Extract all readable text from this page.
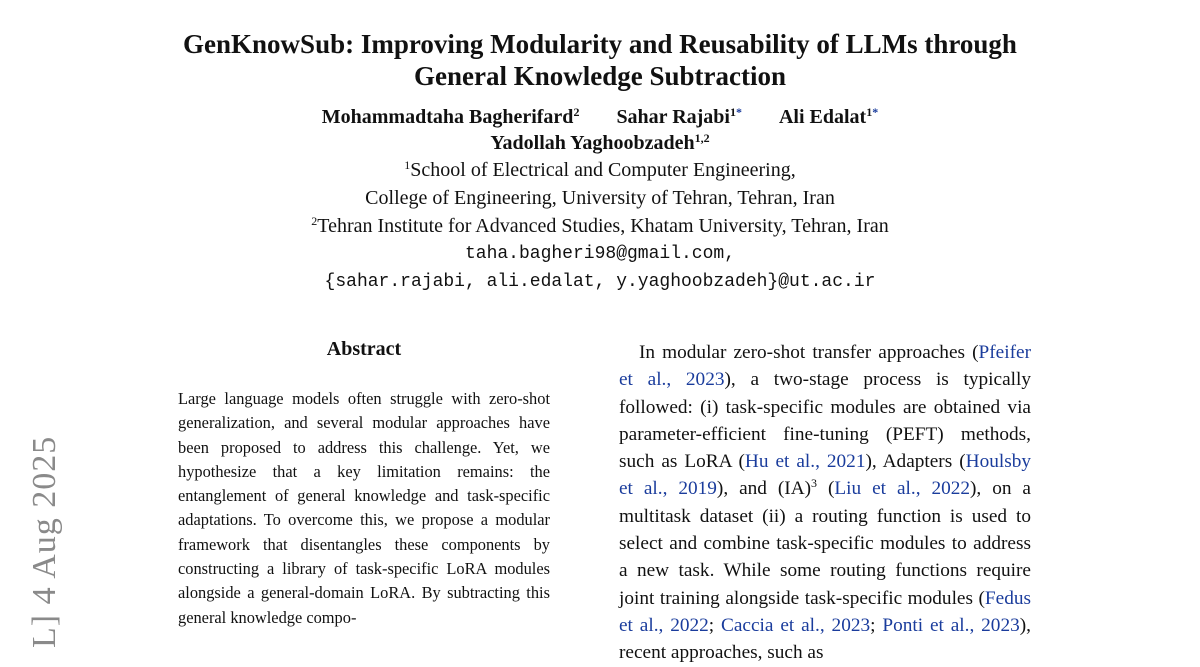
L] 4 Aug 2025
GenKnowSub: Improving Modularity and Reusability of LLMs through
General Knowledge Subtraction
Mohammadtaha Bagherifard$^2$ Sahar Rajabi$^{1*}$ Ali Edalat$^{1*}$
Yadollah Yaghoobzadeh$^{1,2}$
$^1$School of Electrical and Computer Engineering,
College of Engineering, University of Tehran, Tehran, Iran
$^2$Tehran Institute for Advanced Studies, Khatam University, Tehran, Iran
taha.bagheri98@gmail.com,
{sahar.rajabi, ali.edalat, y.yaghoobzadeh}@ut.ac.ir
Abstract
Large language models often struggle with zero-shot generalization, and several modular approaches have been proposed to address this challenge. Yet, we hypothesize that a key limitation remains: the entanglement of general knowledge and task-specific adaptations. To overcome this, we propose a modular framework that disentangles these components by constructing a library of task-specific LoRA modules alongside a general-domain LoRA. By subtracting this general knowledge compo-

In modular zero-shot transfer approaches (Pfeifer et al., 2023), a two-stage process is typically followed: (i) task-specific modules are obtained via parameter-efficient fine-tuning (PEFT) methods, such as LoRA (Hu et al., 2021), Adapters (Houlsby et al., 2019), and (IA)$^3$ (Liu et al., 2022), on a multitask dataset (ii) a routing function is used to select and combine task-specific modules to address a new task. While some routing functions require joint training alongside task-specific modules (Fedus et al., 2022; Caccia et al., 2023; Ponti et al., 2023), recent approaches, such as
